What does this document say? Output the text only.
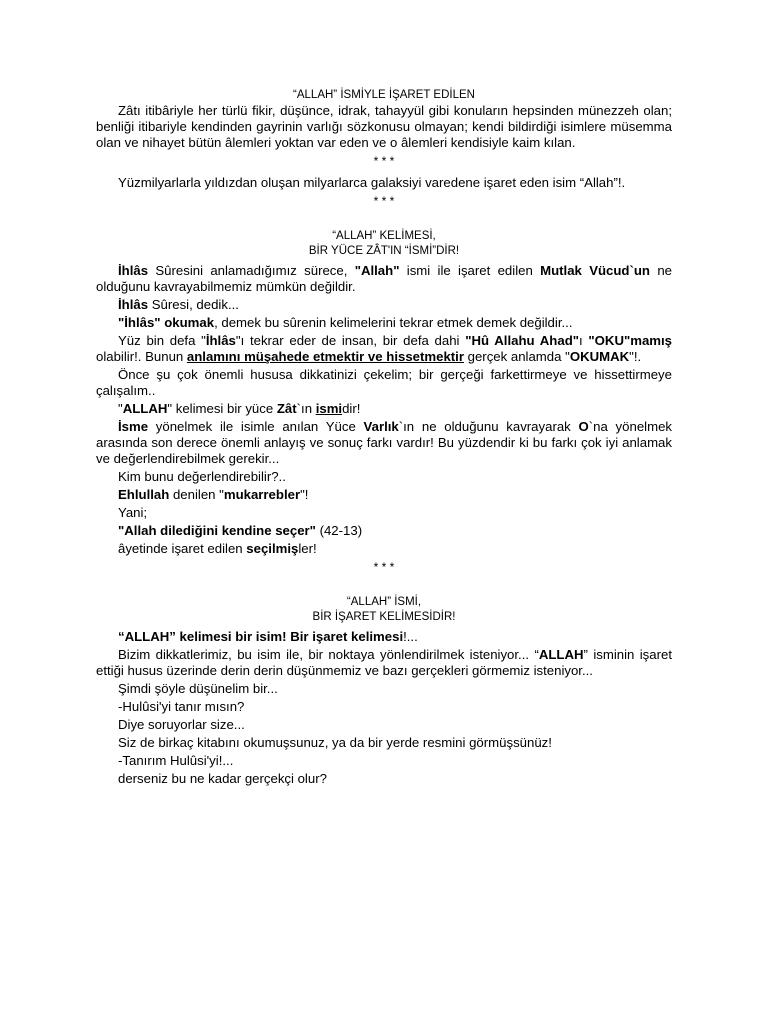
“ALLAH” İSMİYLE İŞARET EDİLEN

Zâtı itibâriyle her türlü fikir, düşünce, idrak, tahayyül gibi konuların hepsinden münezzeh olan; benliği itibariyle kendinden gayrinin varlığı sözkonusu olmayan; kendi bildirdiği isimlere müsemma olan ve nihayet bütün âlemleri yoktan var eden ve o âlemleri kendisiyle kaim kılan.

* * *

Yüzmilyarlarla yıldızdan oluşan milyarlarca galaksiyi varedene işaret eden isim “Allah”!.

* * *
“ALLAH” KELİMESİ,
BİR YÜCE ZÂT'IN “İSMİ”DİR!

İhlâs Sûresini anlamadığımız sürece, "Allah" ismi ile işaret edilen Mutlak Vücud`un ne olduğunu kavrayabilmemiz mümkün değildir.

İhlâs Sûresi, dedik...

"İhlâs" okumak, demek bu sûrenin kelimelerini tekrar etmek demek değildir...

Yüz bin defa "İhlâs"ı tekrar eder de insan, bir defa dahi "Hû Allahu Ahad"ı "OKU"mamış olabilir!. Bunun anlamını müşahede etmektir ve hissetmektir gerçek anlamda "OKUMAK"!.

Önce şu çok önemli hususa dikkatinizi çekelim; bir gerçeği farkettirmeye ve hissettirmeye çalışalım..

"ALLAH" kelimesi bir yüce Zât`ın ismidir!

İsme yönelmek ile isimle anılan Yüce Varlık`ın ne olduğunu kavrayarak O`na yönelmek arasında son derece önemli anlayış ve sonuç farkı vardır! Bu yüzdendir ki bu farkı çok iyi anlamak ve değerlendirebilmek gerekir...

Kim bunu değerlendirebilir?..

Ehlullah denilen "mukarrebler"!

Yani;

"Allah dilediğini kendine seçer" (42-13)

âyetinde işaret edilen seçilmişler!

* * *
“ALLAH” İSMİ,
BİR İŞARET KELİMESİDİR!

“ALLAH” kelimesi bir isim! Bir işaret kelimesi!...

Bizim dikkatlerimiz, bu isim ile, bir noktaya yönlendirilmek isteniyor... “ALLAH” isminin işaret ettiği husus üzerinde derin derin düşünmemiz ve bazı gerçekleri görmemiz isteniyor...

Şimdi şöyle düşünelim bir...

-Hulûsi'yi tanır mısın?

Diye soruyorlar size...

Siz de birkaç kitabını okumuşsunuz, ya da bir yerde resmini görmüşsünüz!

-Tanırım Hulûsi'yi!...

derseniz bu ne kadar gerçekçi olur?
